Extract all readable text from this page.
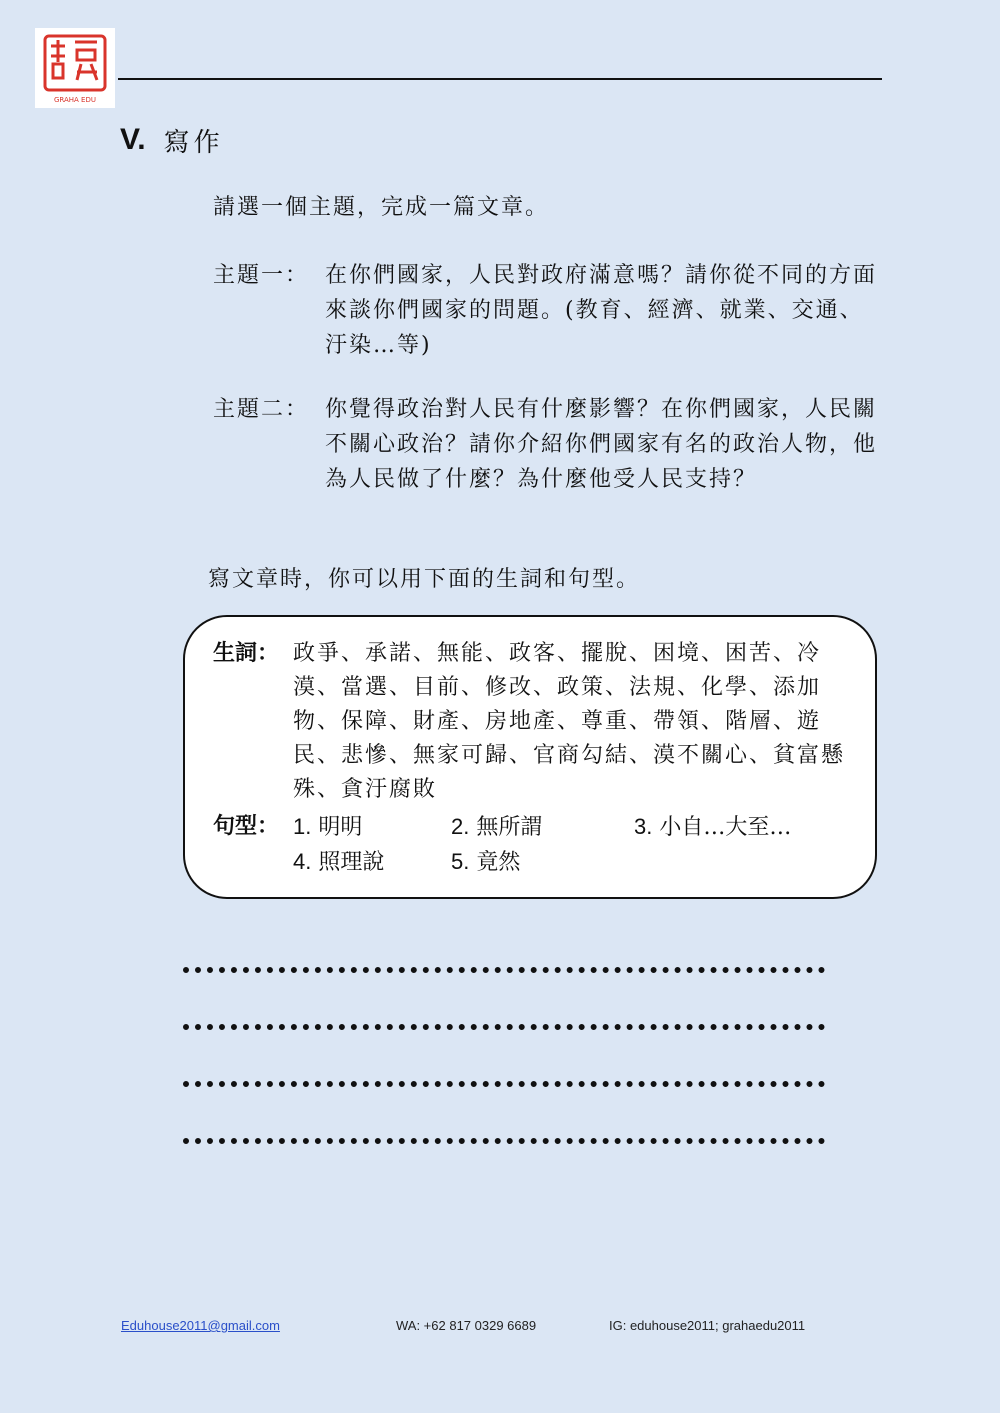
GRAHA EDU
V. 寫作
請選一個主題，完成一篇文章。
主題一： 在你們國家，人民對政府滿意嗎？請你從不同的方面來談你們國家的問題。(教育、經濟、就業、交通、汙染…等)
主題二： 你覺得政治對人民有什麼影響？在你們國家，人民關不關心政治？請你介紹你們國家有名的政治人物，他為人民做了什麼？為什麼他受人民支持？
寫文章時，你可以用下面的生詞和句型。
生詞： 政爭、承諾、無能、政客、擺脫、困境、困苦、冷漠、當選、目前、修改、政策、法規、化學、添加物、保障、財產、房地產、尊重、帶領、階層、遊民、悲慘、無家可歸、官商勾結、漠不關心、貧富懸殊、貪汙腐敗
句型： 1. 明明	2. 無所謂	3. 小自…大至…
4. 照理說	5. 竟然
Eduhouse2011@gmail.com	WA: +62 817 0329 6689	IG: eduhouse2011; grahaedu2011
